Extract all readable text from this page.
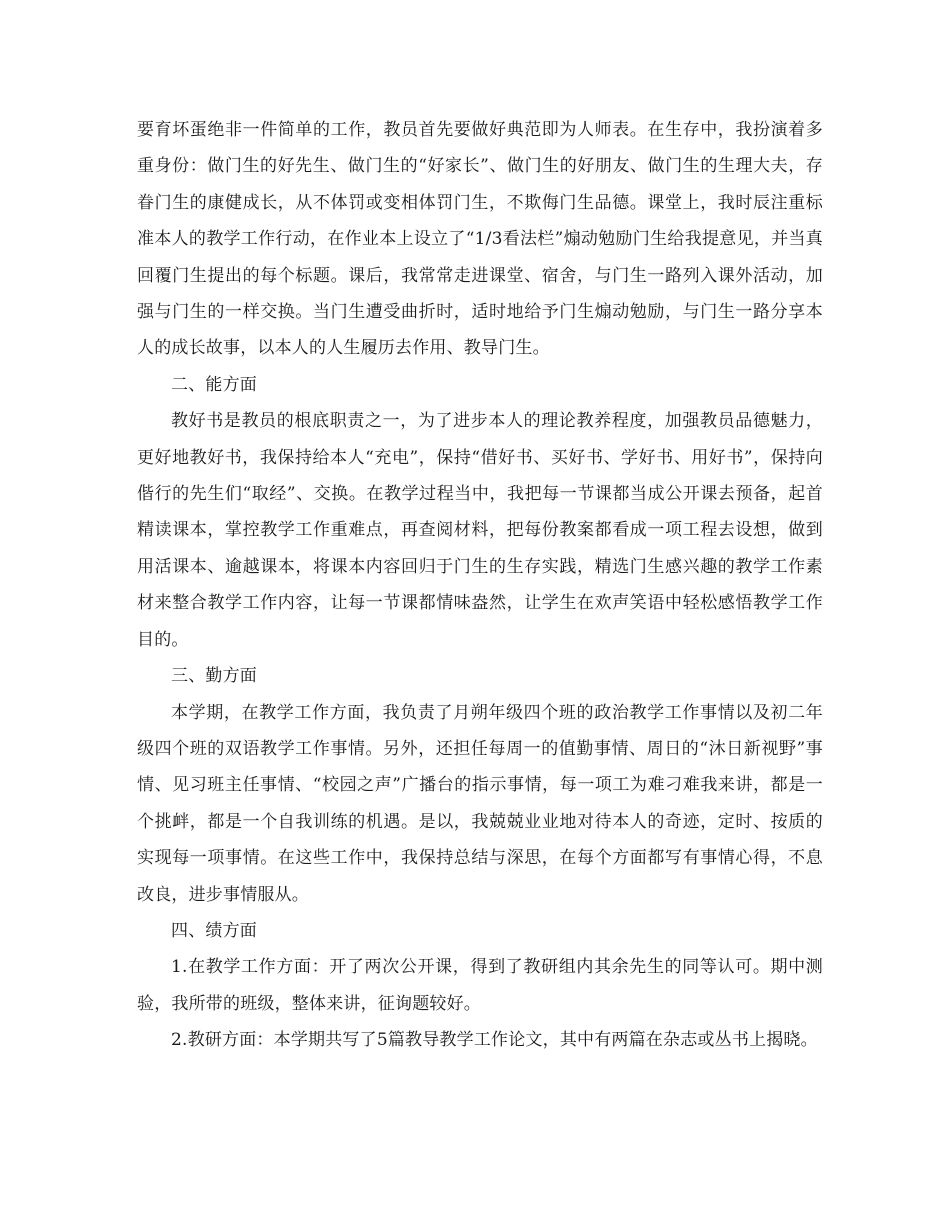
要育坏蛋绝非一件简单的工作，教员首先要做好典范即为人师表。在生存中，我扮演着多重身份：做门生的好先生、做门生的“好家长”、做门生的好朋友、做门生的生理大夫，存眷门生的康健成长，从不体罚或变相体罚门生，不欺侮门生品德。课堂上，我时辰注重标准本人的教学工作行动，在作业本上设立了“1/3看法栏”煽动勉励门生给我提意见，并当真回覆门生提出的每个标题。课后，我常常走进课堂、宿舍，与门生一路列入课外活动，加强与门生的一样交换。当门生遭受曲折时，适时地给予门生煽动勉励，与门生一路分享本人的成长故事，以本人的人生履历去作用、教导门生。

二、能方面

教好书是教员的根底职责之一，为了进步本人的理论教养程度，加强教员品德魅力，更好地教好书，我保持给本人“充电”，保持“借好书、买好书、学好书、用好书”，保持向偕行的先生们“取经”、交换。在教学过程当中，我把每一节课都当成公开课去预备，起首精读课本，掌控教学工作重难点，再查阅材料，把每份教案都看成一项工程去设想，做到用活课本、逾越课本，将课本内容回归于门生的生存实践，精选门生感兴趣的教学工作素材来整合教学工作内容，让每一节课都情味盎然，让学生在欢声笑语中轻松感悟教学工作目的。

三、勤方面

本学期，在教学工作方面，我负责了月朔年级四个班的政治教学工作事情以及初二年级四个班的双语教学工作事情。另外，还担任每周一的值勤事情、周日的“沐日新视野”事情、见习班主任事情、“校园之声”广播台的指示事情，每一项工为难刁难我来讲，都是一个挑衅，都是一个自我训练的机遇。是以，我兢兢业业地对待本人的奇迹，定时、按质的实现每一项事情。在这些工作中，我保持总结与深思，在每个方面都写有事情心得，不息改良，进步事情服从。

四、绩方面

1.在教学工作方面：开了两次公开课，得到了教研组内其余先生的同等认可。期中测验，我所带的班级，整体来讲，征询题较好。

2.教研方面：本学期共写了5篇教导教学工作论文，其中有两篇在杂志或丛书上揭晓。
